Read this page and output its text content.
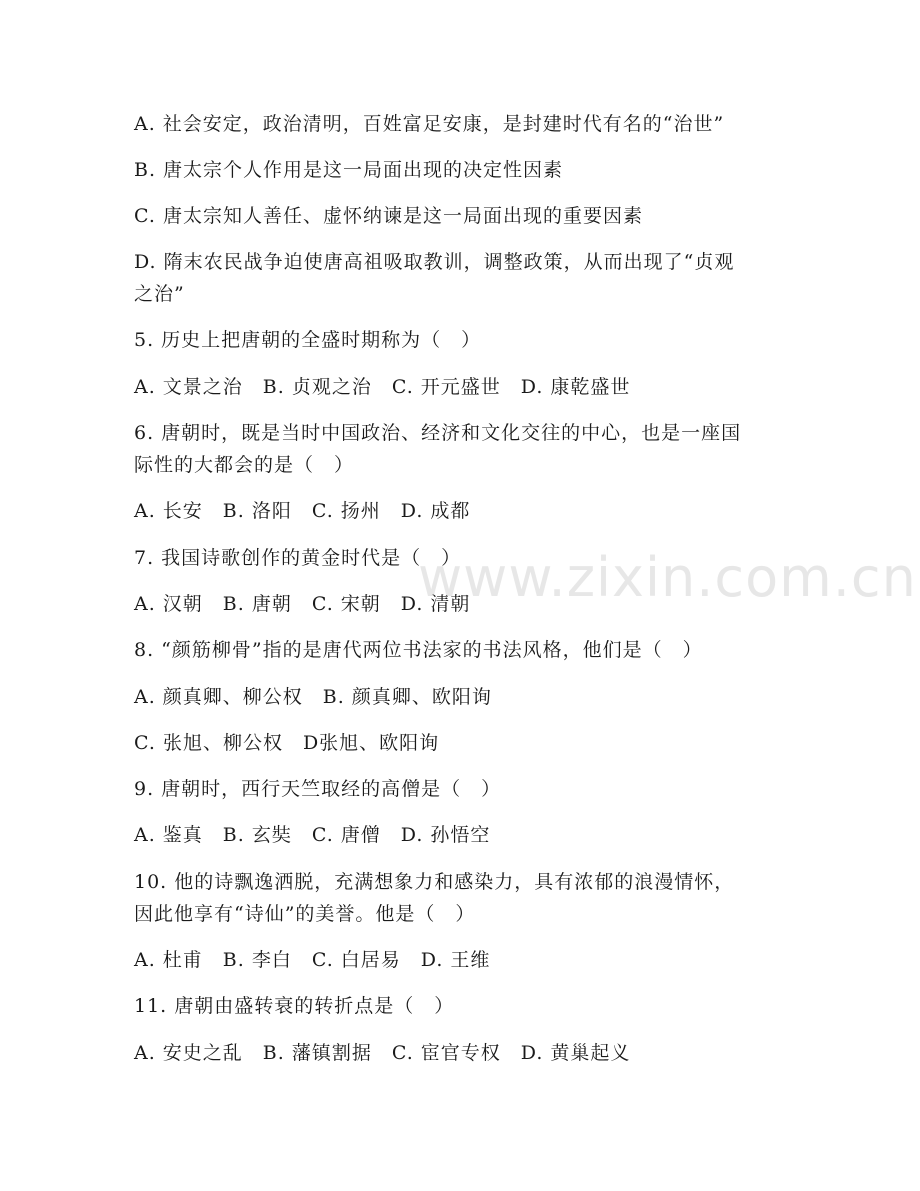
www.zixin.com.cn
A. 社会安定，政治清明，百姓富足安康，是封建时代有名的“治世”
B. 唐太宗个人作用是这一局面出现的决定性因素
C. 唐太宗知人善任、虚怀纳谏是这一局面出现的重要因素
D. 隋末农民战争迫使唐高祖吸取教训，调整政策，从而出现了“贞观
之治”
5. 历史上把唐朝的全盛时期称为（　）
A. 文景之治　B. 贞观之治　C. 开元盛世　D. 康乾盛世
6. 唐朝时，既是当时中国政治、经济和文化交往的中心，也是一座国
际性的大都会的是（　）
A. 长安　B. 洛阳　C. 扬州　D. 成都
7. 我国诗歌创作的黄金时代是（　）
A. 汉朝　B. 唐朝　C. 宋朝　D. 清朝
8. “颜筋柳骨”指的是唐代两位书法家的书法风格，他们是（　）
A. 颜真卿、柳公权　B. 颜真卿、欧阳询
C. 张旭、柳公权　D张旭、欧阳询
9. 唐朝时，西行天竺取经的高僧是（　）
A. 鉴真　B. 玄奘　C. 唐僧　D. 孙悟空
10. 他的诗飘逸洒脱，充满想象力和感染力，具有浓郁的浪漫情怀，
因此他享有“诗仙”的美誉。他是（　）
A. 杜甫　B. 李白　C. 白居易　D. 王维
11. 唐朝由盛转衰的转折点是（　）
A. 安史之乱　B. 藩镇割据　C. 宦官专权　D. 黄巢起义
